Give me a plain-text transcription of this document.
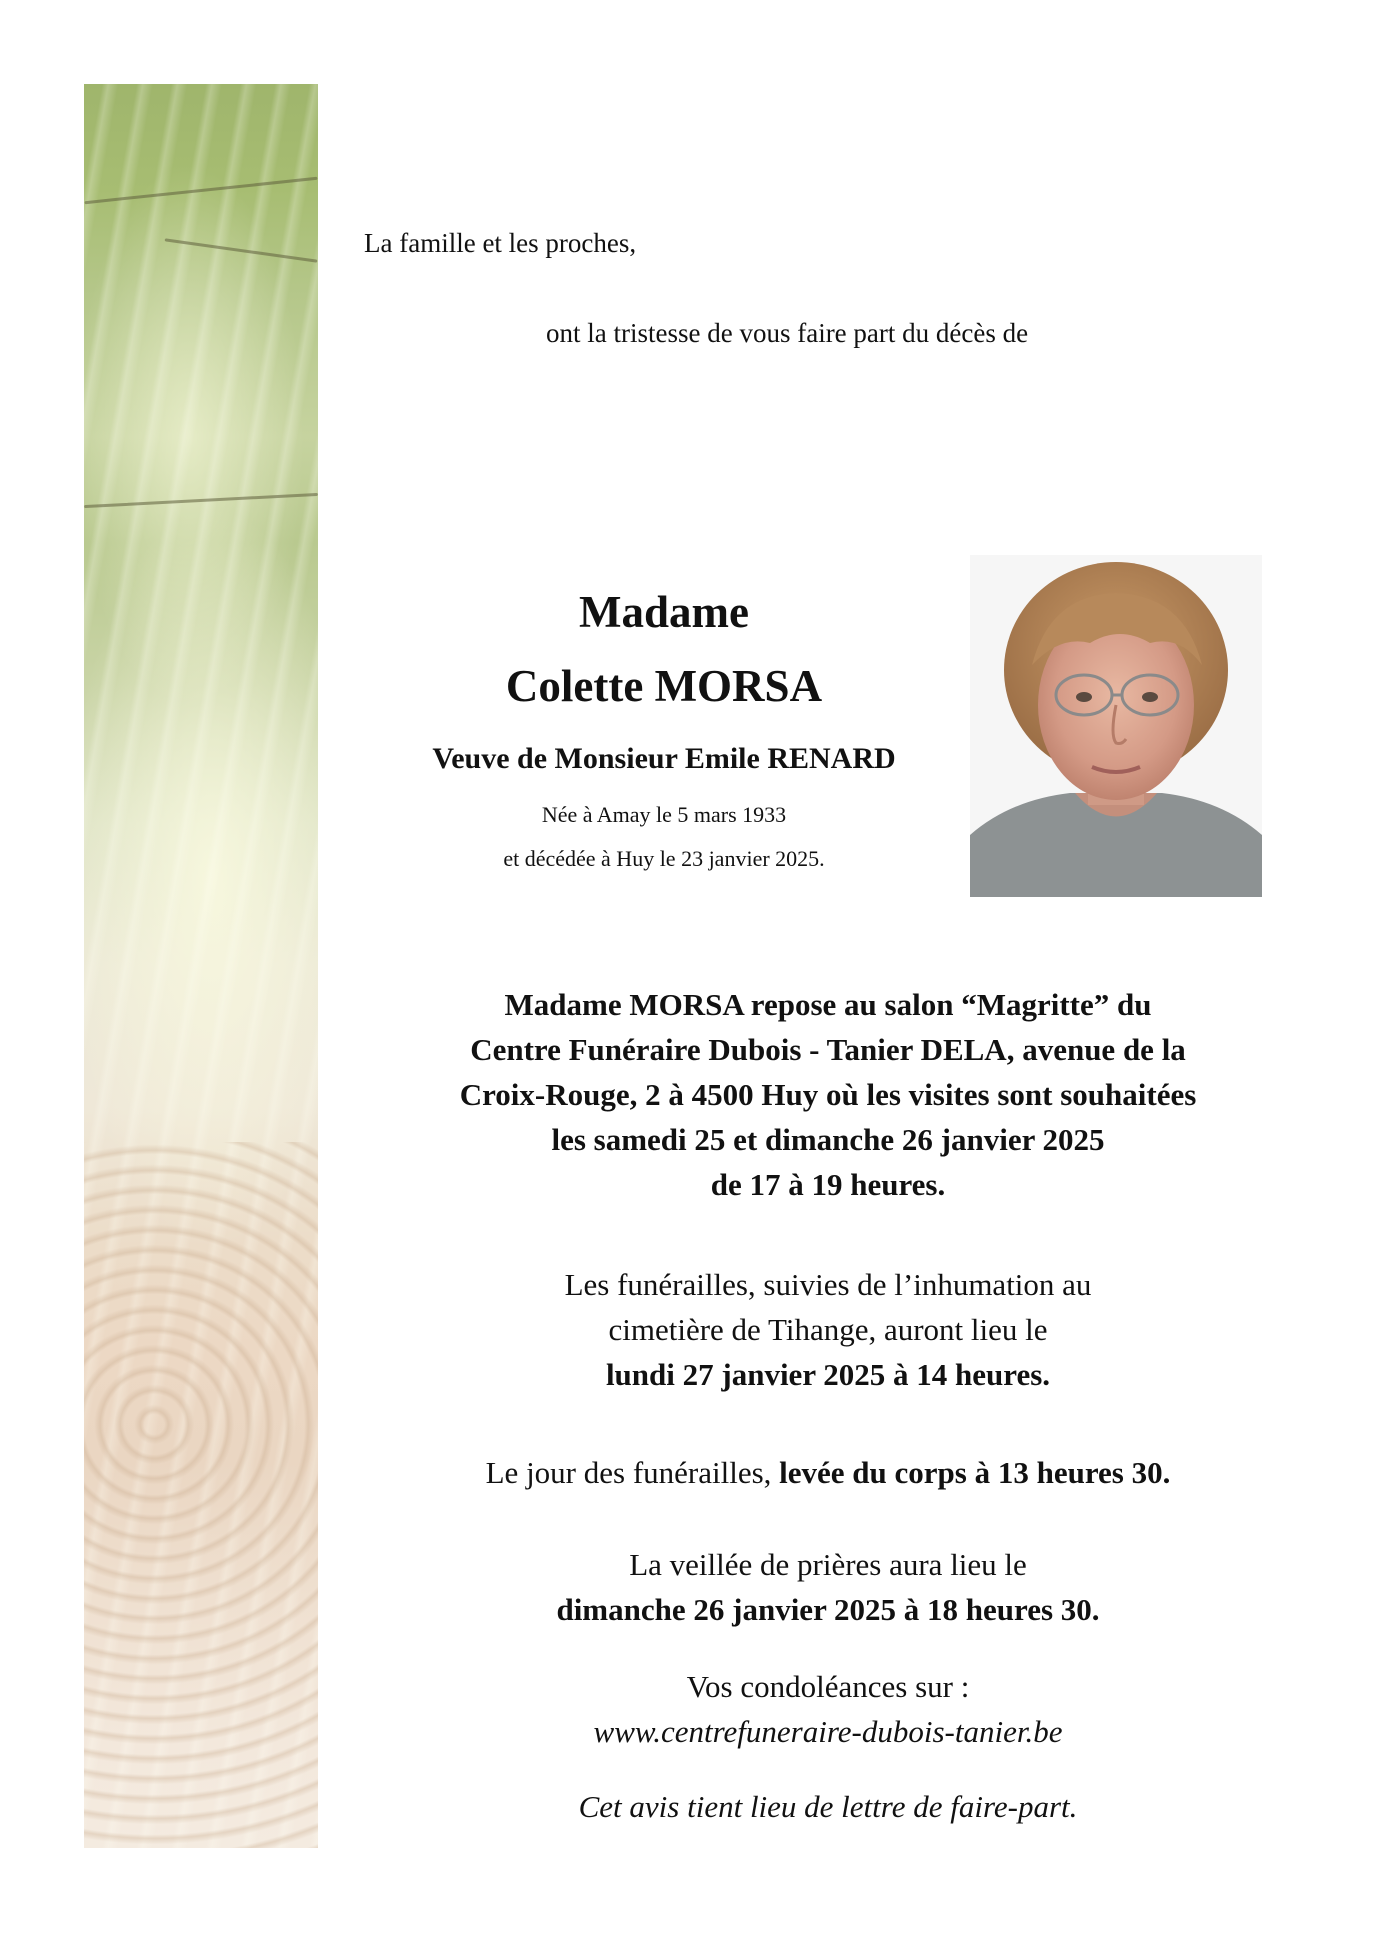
La famille et les proches,
ont la tristesse de vous faire part du décès de
Madame
Colette MORSA
Veuve de Monsieur Emile RENARD
Née à Amay le 5 mars 1933
et décédée à Huy le 23 janvier 2025.
Madame MORSA repose au salon “Magritte” du
Centre Funéraire Dubois - Tanier DELA, avenue de la
Croix-Rouge, 2 à 4500 Huy où les visites sont souhaitées
les samedi 25 et dimanche 26 janvier 2025
de 17 à 19 heures.
Les funérailles, suivies de l’inhumation au
cimetière de Tihange, auront lieu le
lundi 27 janvier 2025 à 14 heures.
Le jour des funérailles, levée du corps à 13 heures 30.
La veillée de prières aura lieu le
dimanche 26 janvier 2025 à 18 heures 30.
Vos condoléances sur :
www.centrefuneraire-dubois-tanier.be
Cet avis tient lieu de lettre de faire-part.
